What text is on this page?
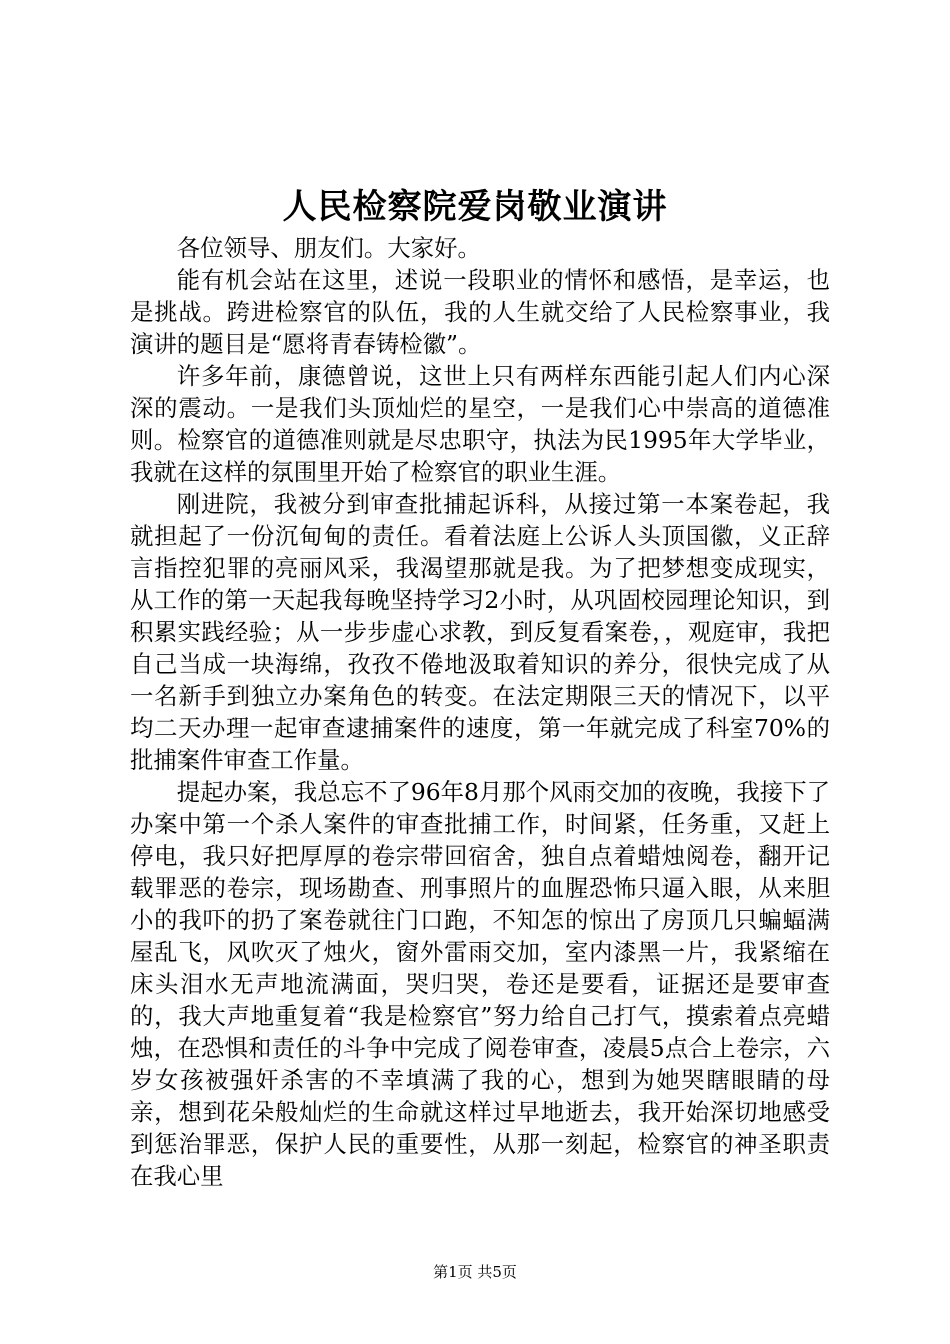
人民检察院爱岗敬业演讲

各位领导、朋友们。大家好。

能有机会站在这里，述说一段职业的情怀和感悟，是幸运，也是挑战。跨进检察官的队伍，我的人生就交给了人民检察事业，我演讲的题目是“愿将青春铸检徽”。

许多年前，康德曾说，这世上只有两样东西能引起人们内心深深的震动。一是我们头顶灿烂的星空，一是我们心中崇高的道德准则。检察官的道德准则就是尽忠职守，执法为民1995年大学毕业，我就在这样的氛围里开始了检察官的职业生涯。

刚进院，我被分到审查批捕起诉科，从接过第一本案卷起，我就担起了一份沉甸甸的责任。看着法庭上公诉人头顶国徽，义正辞言指控犯罪的亮丽风采，我渴望那就是我。为了把梦想变成现实，从工作的第一天起我每晚坚持学习2小时，从巩固校园理论知识，到积累实践经验；从一步步虚心求教，到反复看案卷，，观庭审，我把自己当成一块海绵，孜孜不倦地汲取着知识的养分，很快完成了从一名新手到独立办案角色的转变。在法定期限三天的情况下，以平均二天办理一起审查逮捕案件的速度，第一年就完成了科室70%的批捕案件审查工作量。

提起办案，我总忘不了96年8月那个风雨交加的夜晚，我接下了办案中第一个杀人案件的审查批捕工作，时间紧，任务重，又赶上停电，我只好把厚厚的卷宗带回宿舍，独自点着蜡烛阅卷，翻开记载罪恶的卷宗，现场勘查、刑事照片的血腥恐怖只逼入眼，从来胆小的我吓的扔了案卷就往门口跑，不知怎的惊出了房顶几只蝙蝠满屋乱飞，风吹灭了烛火，窗外雷雨交加，室内漆黑一片，我紧缩在床头泪水无声地流满面，哭归哭，卷还是要看，证据还是要审查的，我大声地重复着“我是检察官”努力给自己打气，摸索着点亮蜡烛，在恐惧和责任的斗争中完成了阅卷审查，凌晨5点合上卷宗，六岁女孩被强奸杀害的不幸填满了我的心，想到为她哭瞎眼睛的母亲，想到花朵般灿烂的生命就这样过早地逝去，我开始深切地感受到惩治罪恶，保护人民的重要性，从那一刻起，检察官的神圣职责在我心里

第1页 共5页
